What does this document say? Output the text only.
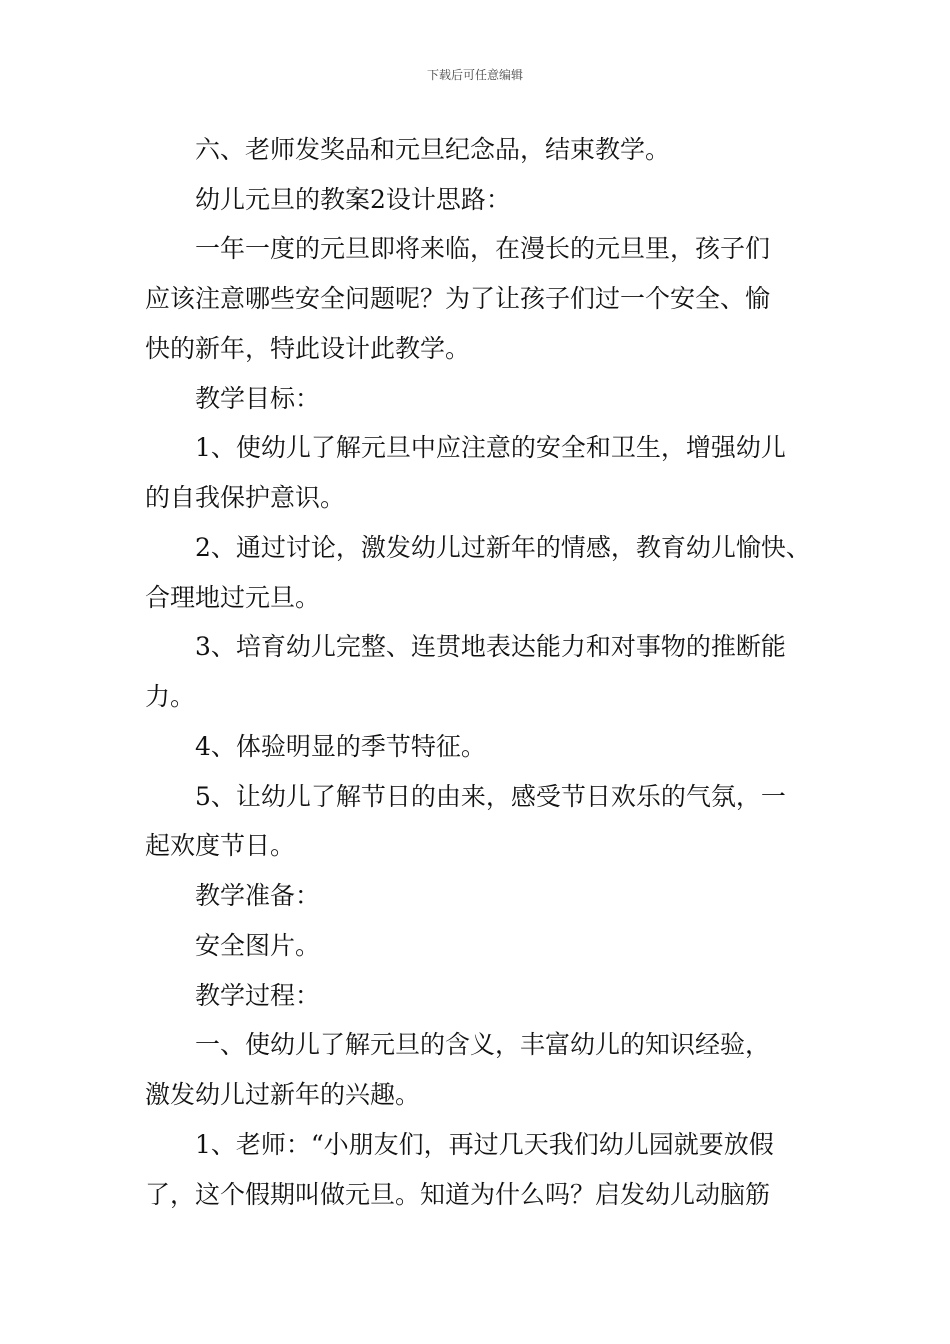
下载后可任意编辑
六、老师发奖品和元旦纪念品，结束教学。
幼儿元旦的教案2设计思路：
一年一度的元旦即将来临，在漫长的元旦里，孩子们
应该注意哪些安全问题呢？为了让孩子们过一个安全、愉
快的新年，特此设计此教学。
教学目标：
1、使幼儿了解元旦中应注意的安全和卫生，增强幼儿
的自我保护意识。
2、通过讨论，激发幼儿过新年的情感，教育幼儿愉快、
合理地过元旦。
3、培育幼儿完整、连贯地表达能力和对事物的推断能
力。
4、体验明显的季节特征。
5、让幼儿了解节日的由来，感受节日欢乐的气氛，一
起欢度节日。
教学准备：
安全图片。
教学过程：
一、使幼儿了解元旦的含义，丰富幼儿的知识经验，
激发幼儿过新年的兴趣。
1、老师：“小朋友们，再过几天我们幼儿园就要放假
了，这个假期叫做元旦。知道为什么吗？启发幼儿动脑筋
